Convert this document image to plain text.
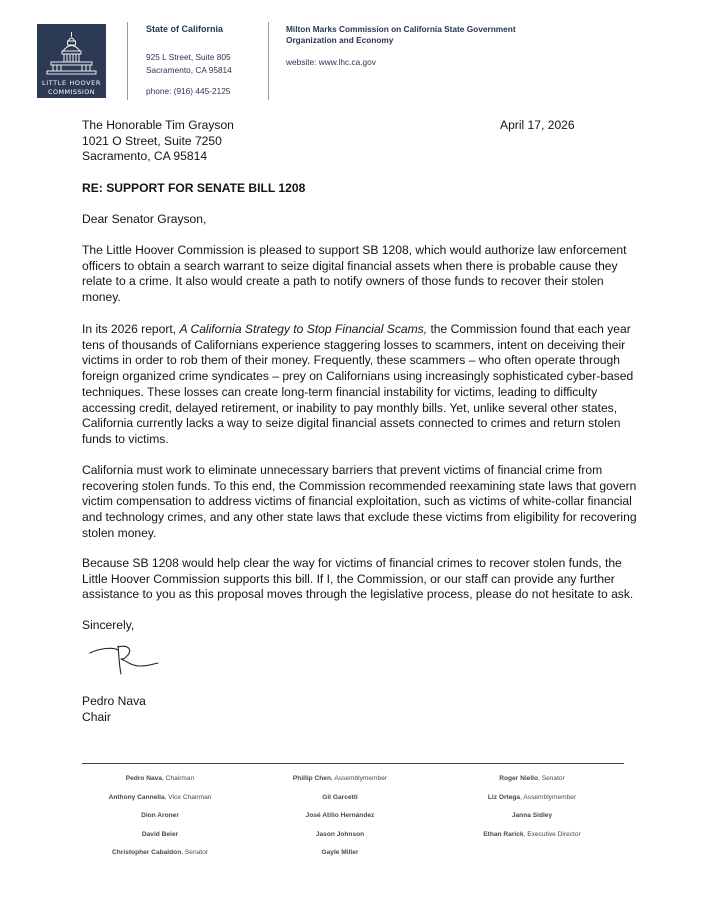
LITTLE HOOVER
COMMISSION
State of California
925 L Street, Suite 805
Sacramento, CA 95814
phone: (916) 445-2125
Milton Marks Commission on California State Government
Organization and Economy
website: www.lhc.ca.gov
The Honorable Tim Grayson
1021 O Street, Suite 7250
Sacramento, CA 95814
April 17, 2026
RE: SUPPORT FOR SENATE BILL 1208
Dear Senator Grayson,
The Little Hoover Commission is pleased to support SB 1208, which would authorize law enforcement
officers to obtain a search warrant to seize digital financial assets when there is probable cause they
relate to a crime. It also would create a path to notify owners of those funds to recover their stolen
money.
In its 2026 report, A California Strategy to Stop Financial Scams, the Commission found that each year
tens of thousands of Californians experience staggering losses to scammers, intent on deceiving their
victims in order to rob them of their money. Frequently, these scammers – who often operate through
foreign organized crime syndicates – prey on Californians using increasingly sophisticated cyber-based
techniques. These losses can create long-term financial instability for victims, leading to difficulty
accessing credit, delayed retirement, or inability to pay monthly bills. Yet, unlike several other states,
California currently lacks a way to seize digital financial assets connected to crimes and return stolen
funds to victims.
California must work to eliminate unnecessary barriers that prevent victims of financial crime from
recovering stolen funds. To this end, the Commission recommended reexamining state laws that govern
victim compensation to address victims of financial exploitation, such as victims of white-collar financial
and technology crimes, and any other state laws that exclude these victims from eligibility for recovering
stolen money.
Because SB 1208 would help clear the way for victims of financial crimes to recover stolen funds, the
Little Hoover Commission supports this bill. If I, the Commission, or our staff can provide any further
assistance to you as this proposal moves through the legislative process, please do not hesitate to ask.
Sincerely,
Pedro Nava
Chair
Pedro Nava, Chairman
Anthony Cannella, Vice Chairman
Dion Aroner
David Beier
Christopher Cabaldon, Senator
Phillip Chen, Assemblymember
Gil Garcetti
José Atilio Hernández
Jason Johnson
Gayle Miller
Roger Niello, Senator
Liz Ortega, Assemblymember
Janna Sidley
Ethan Rarick, Executive Director
